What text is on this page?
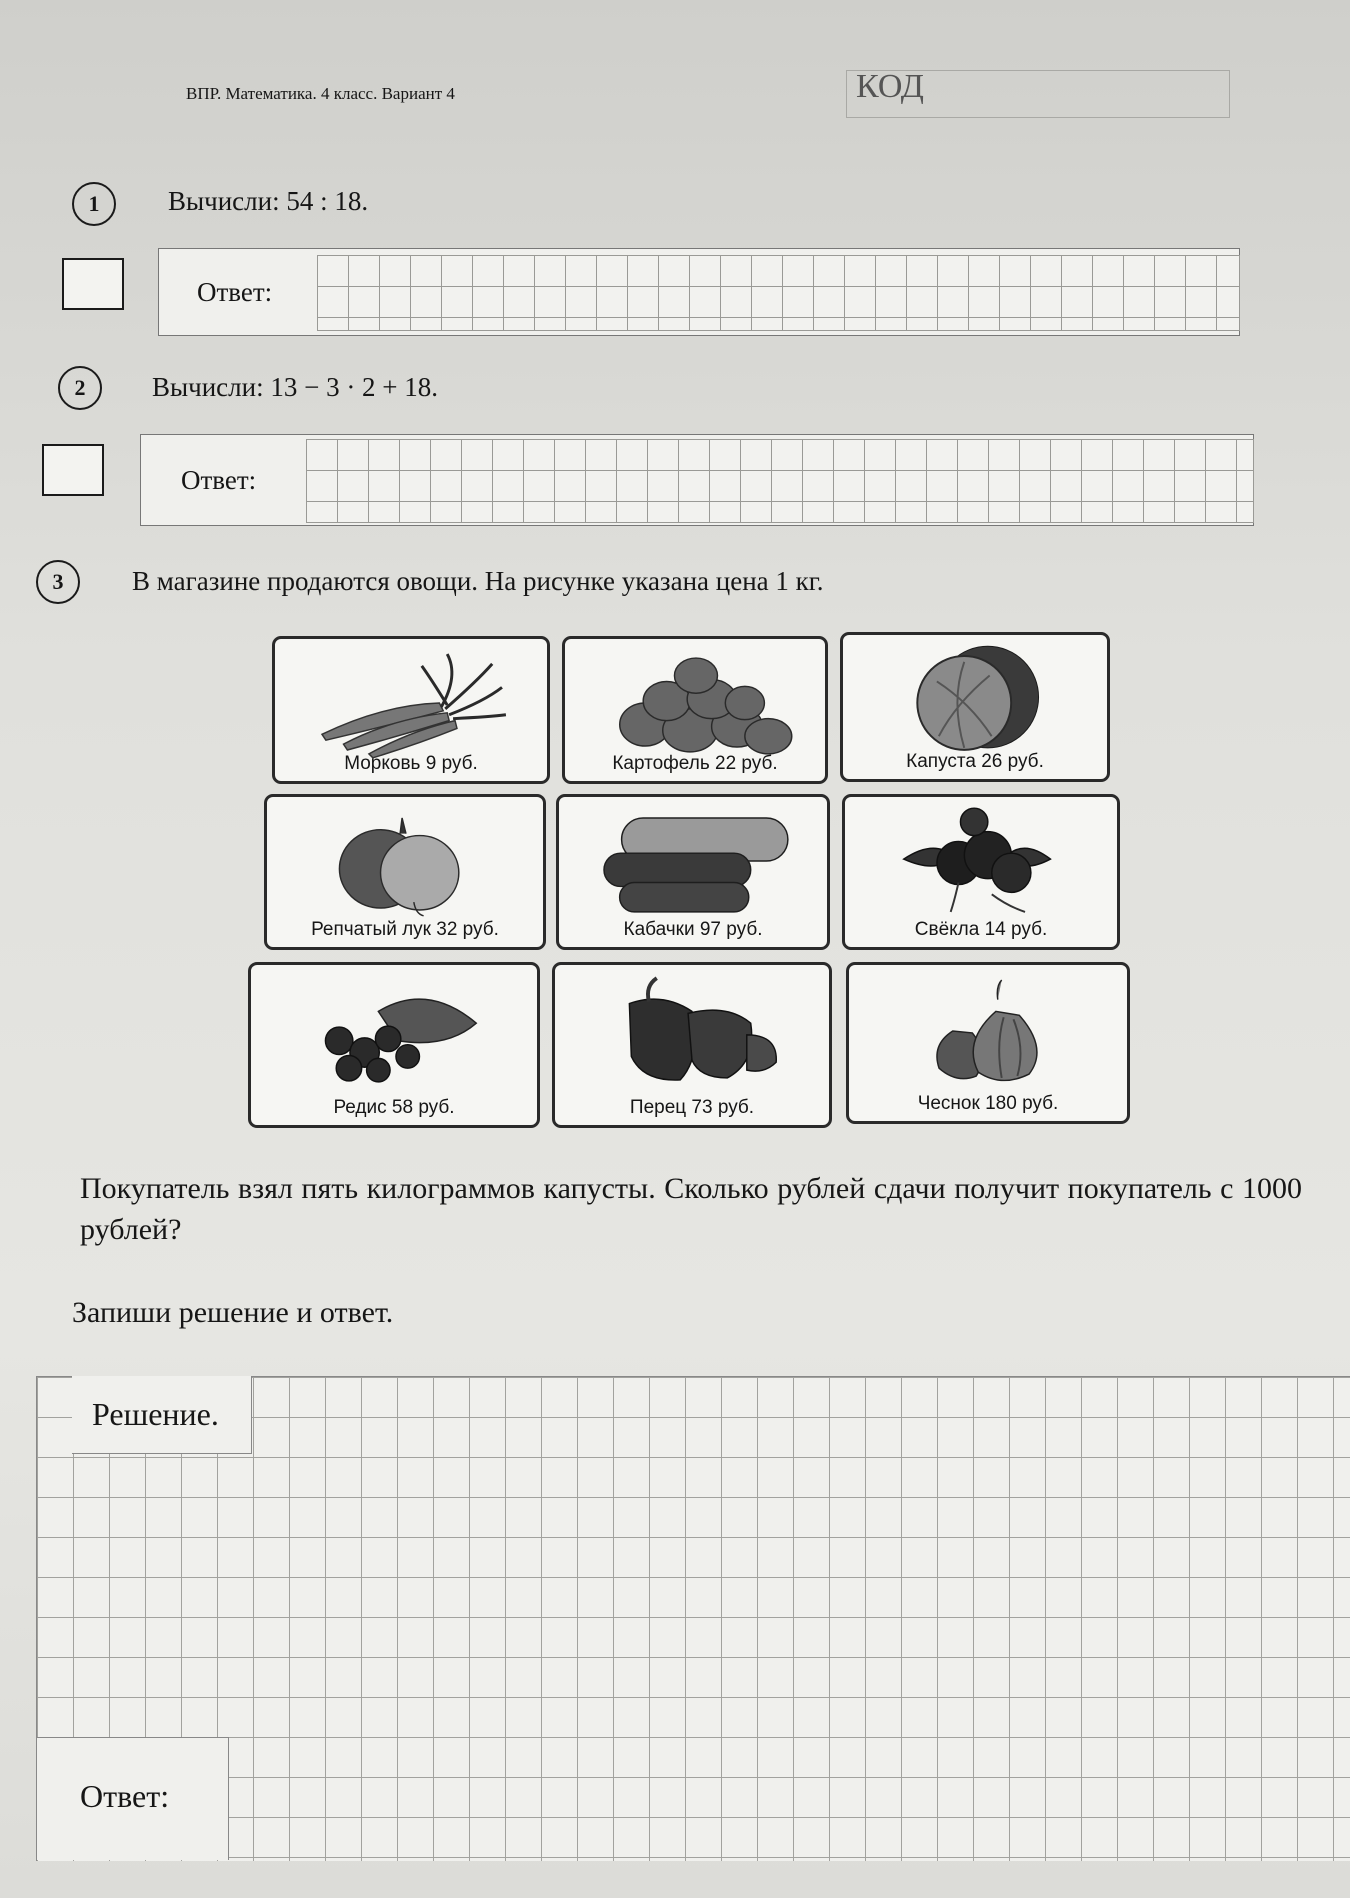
ВПР. Математика. 4 класс. Вариант 4	КОД
1	Вычисли: 54 : 18.
Ответ:
2	Вычисли: 13 − 3 · 2 + 18.
Ответ:
3	В магазине продаются овощи. На рисунке указана цена 1 кг.
Морковь 9 руб.	Картофель 22 руб.	Капуста 26 руб.
Репчатый лук 32 руб.	Кабачки 97 руб.	Свёкла 14 руб.
Редис 58 руб.	Перец 73 руб.	Чеснок 180 руб.
Покупатель взял пять килограммов капусты. Сколько рублей сдачи получит покупатель с 1000 рублей?
Запиши решение и ответ.
Решение.
Ответ:
